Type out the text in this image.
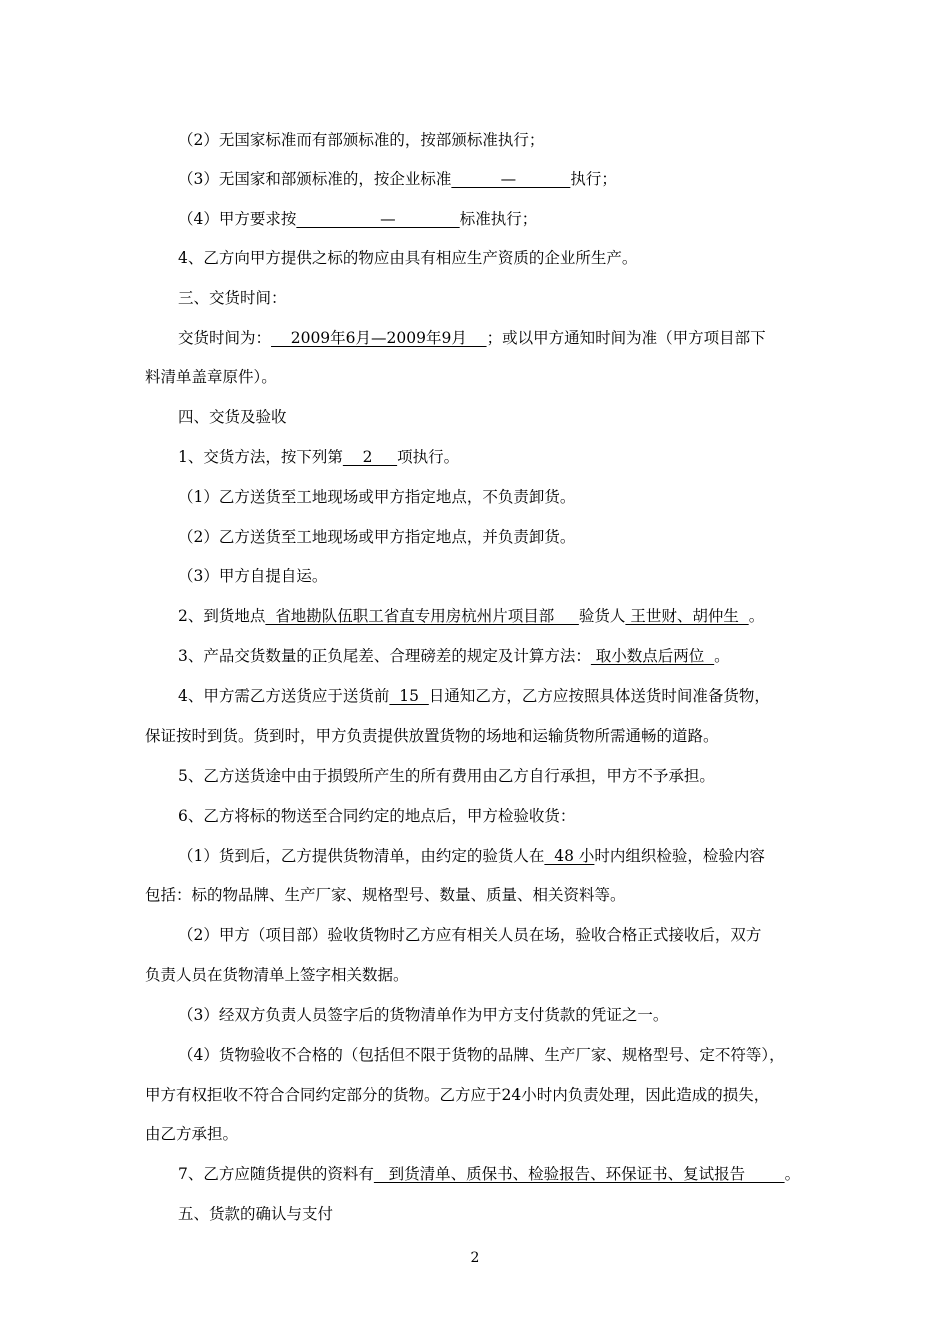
（2）无国家标准而有部颁标准的，按部颁标准执行；
（3）无国家和部颁标准的，按企业标准          —           执行；
（4）甲方要求按                 —             标准执行；
4、乙方向甲方提供之标的物应由具有相应生产资质的企业所生产。
三、交货时间：
交货时间为：    2009年6月—2009年9月    ；或以甲方通知时间为准（甲方项目部下
料清单盖章原件）。
四、交货及验收
1、交货方法，按下列第    2     项执行。
（1）乙方送货至工地现场或甲方指定地点，不负责卸货。
（2）乙方送货至工地现场或甲方指定地点，并负责卸货。
（3）甲方自提自运。
2、到货地点  省地勘队伍职工省直专用房杭州片项目部     验货人 王世财、胡仲生  。
3、产品交货数量的正负尾差、合理磅差的规定及计算方法： 取小数点后两位  。
4、甲方需乙方送货应于送货前  15  日通知乙方，乙方应按照具体送货时间准备货物，
保证按时到货。货到时，甲方负责提供放置货物的场地和运输货物所需通畅的道路。
5、乙方送货途中由于损毁所产生的所有费用由乙方自行承担，甲方不予承担。
6、乙方将标的物送至合同约定的地点后，甲方检验收货：
（1）货到后，乙方提供货物清单，由约定的验货人在  48 小时内组织检验，检验内容
包括：标的物品牌、生产厂家、规格型号、数量、质量、相关资料等。
（2）甲方（项目部）验收货物时乙方应有相关人员在场，验收合格正式接收后，双方
负责人员在货物清单上签字相关数据。
（3）经双方负责人员签字后的货物清单作为甲方支付货款的凭证之一。
（4）货物验收不合格的（包括但不限于货物的品牌、生产厂家、规格型号、定不符等），
甲方有权拒收不符合合同约定部分的货物。乙方应于24小时内负责处理，因此造成的损失，
由乙方承担。
7、乙方应随货提供的资料有   到货清单、质保书、检验报告、环保证书、复试报告        。
五、货款的确认与支付
2
